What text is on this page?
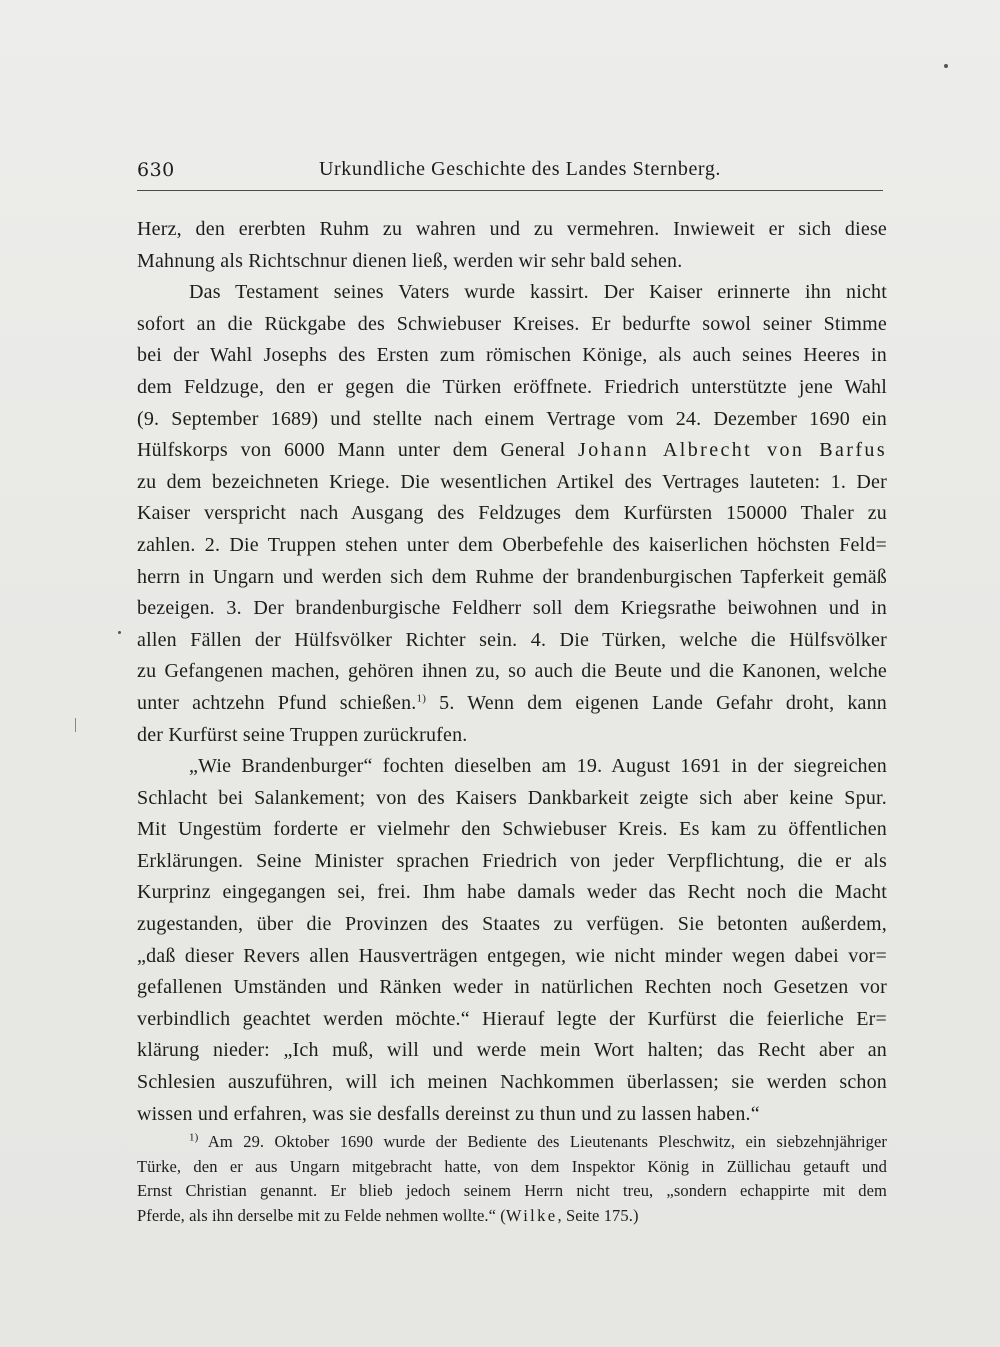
630	Urkundliche Geschichte des Landes Sternberg.
Herz, den ererbten Ruhm zu wahren und zu vermehren. Inwieweit er sich diese
Mahnung als Richtschnur dienen ließ, werden wir sehr bald sehen.
Das Testament seines Vaters wurde kassirt. Der Kaiser erinnerte ihn nicht
sofort an die Rückgabe des Schwiebuser Kreises. Er bedurfte sowol seiner Stimme
bei der Wahl Josephs des Ersten zum römischen Könige, als auch seines Heeres in
dem Feldzuge, den er gegen die Türken eröffnete. Friedrich unterstützte jene Wahl
(9. September 1689) und stellte nach einem Vertrage vom 24. Dezember 1690 ein
Hülfskorps von 6000 Mann unter dem General Johann Albrecht von Barfus
zu dem bezeichneten Kriege. Die wesentlichen Artikel des Vertrages lauteten: 1. Der
Kaiser verspricht nach Ausgang des Feldzuges dem Kurfürsten 150000 Thaler zu
zahlen. 2. Die Truppen stehen unter dem Oberbefehle des kaiserlichen höchsten Feld=
herrn in Ungarn und werden sich dem Ruhme der brandenburgischen Tapferkeit gemäß
bezeigen. 3. Der brandenburgische Feldherr soll dem Kriegsrathe beiwohnen und in
allen Fällen der Hülfsvölker Richter sein. 4. Die Türken, welche die Hülfsvölker
zu Gefangenen machen, gehören ihnen zu, so auch die Beute und die Kanonen, welche
unter achtzehn Pfund schießen.$^{1)}$ 5. Wenn dem eigenen Lande Gefahr droht, kann
der Kurfürst seine Truppen zurückrufen.
„Wie Brandenburger“ fochten dieselben am 19. August 1691 in der siegreichen
Schlacht bei Salankement; von des Kaisers Dankbarkeit zeigte sich aber keine Spur.
Mit Ungestüm forderte er vielmehr den Schwiebuser Kreis. Es kam zu öffentlichen
Erklärungen. Seine Minister sprachen Friedrich von jeder Verpflichtung, die er als
Kurprinz eingegangen sei, frei. Ihm habe damals weder das Recht noch die Macht
zugestanden, über die Provinzen des Staates zu verfügen. Sie betonten außerdem,
„daß dieser Revers allen Hausverträgen entgegen, wie nicht minder wegen dabei vor=
gefallenen Umständen und Ränken weder in natürlichen Rechten noch Gesetzen vor
verbindlich geachtet werden möchte.“ Hierauf legte der Kurfürst die feierliche Er=
klärung nieder: „Ich muß, will und werde mein Wort halten; das Recht aber an
Schlesien auszuführen, will ich meinen Nachkommen überlassen; sie werden schon
wissen und erfahren, was sie desfalls dereinst zu thun und zu lassen haben.“
$^{1)}$ Am 29. Oktober 1690 wurde der Bediente des Lieutenants Pleschwitz, ein siebzehnjähriger
Türke, den er aus Ungarn mitgebracht hatte, von dem Inspektor König in Züllichau getauft und
Ernst Christian genannt. Er blieb jedoch seinem Herrn nicht treu, „sondern echappirte mit dem
Pferde, als ihn derselbe mit zu Felde nehmen wollte.“ (Wilke, Seite 175.)
